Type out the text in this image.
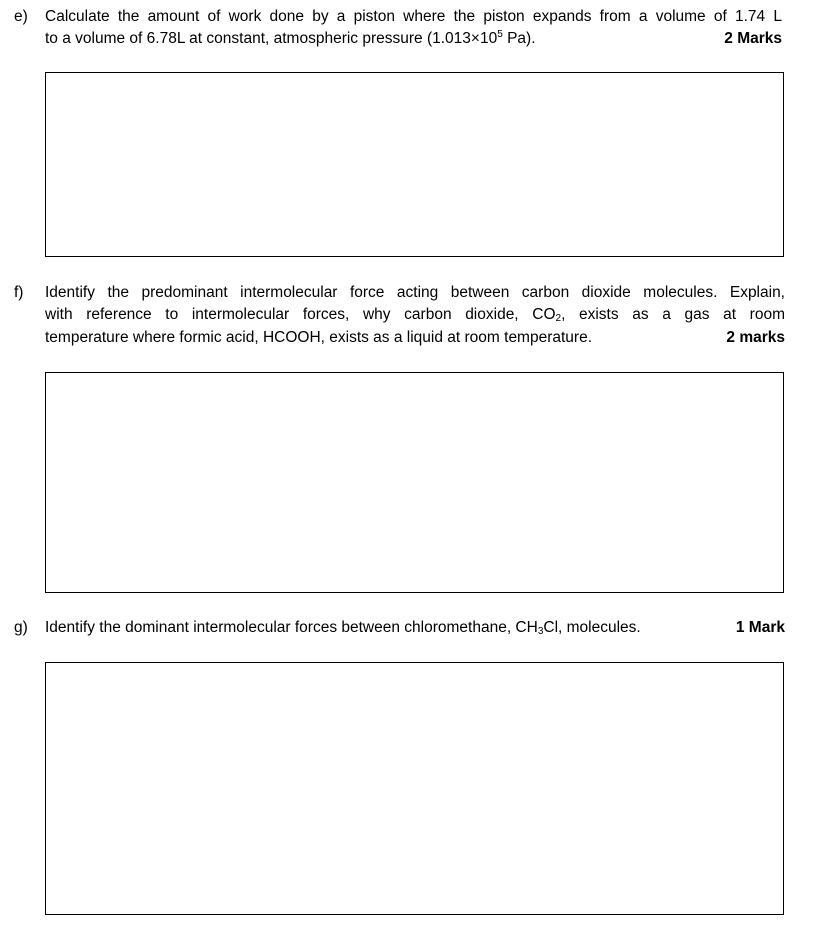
e) Calculate the amount of work done by a piston where the piston expands from a volume of 1.74 L
to a volume of 6.78L at constant, atmospheric pressure ($1.013\times 10^5$ Pa).	2 Marks
f) Identify the predominant intermolecular force acting between carbon dioxide molecules. Explain,
with reference to intermolecular forces, why carbon dioxide, $CO_2$, exists as a gas at room
temperature where formic acid, HCOOH, exists as a liquid at room temperature.	2 marks
g) Identify the dominant intermolecular forces between chloromethane, $CH_3Cl$, molecules.	1 Mark
